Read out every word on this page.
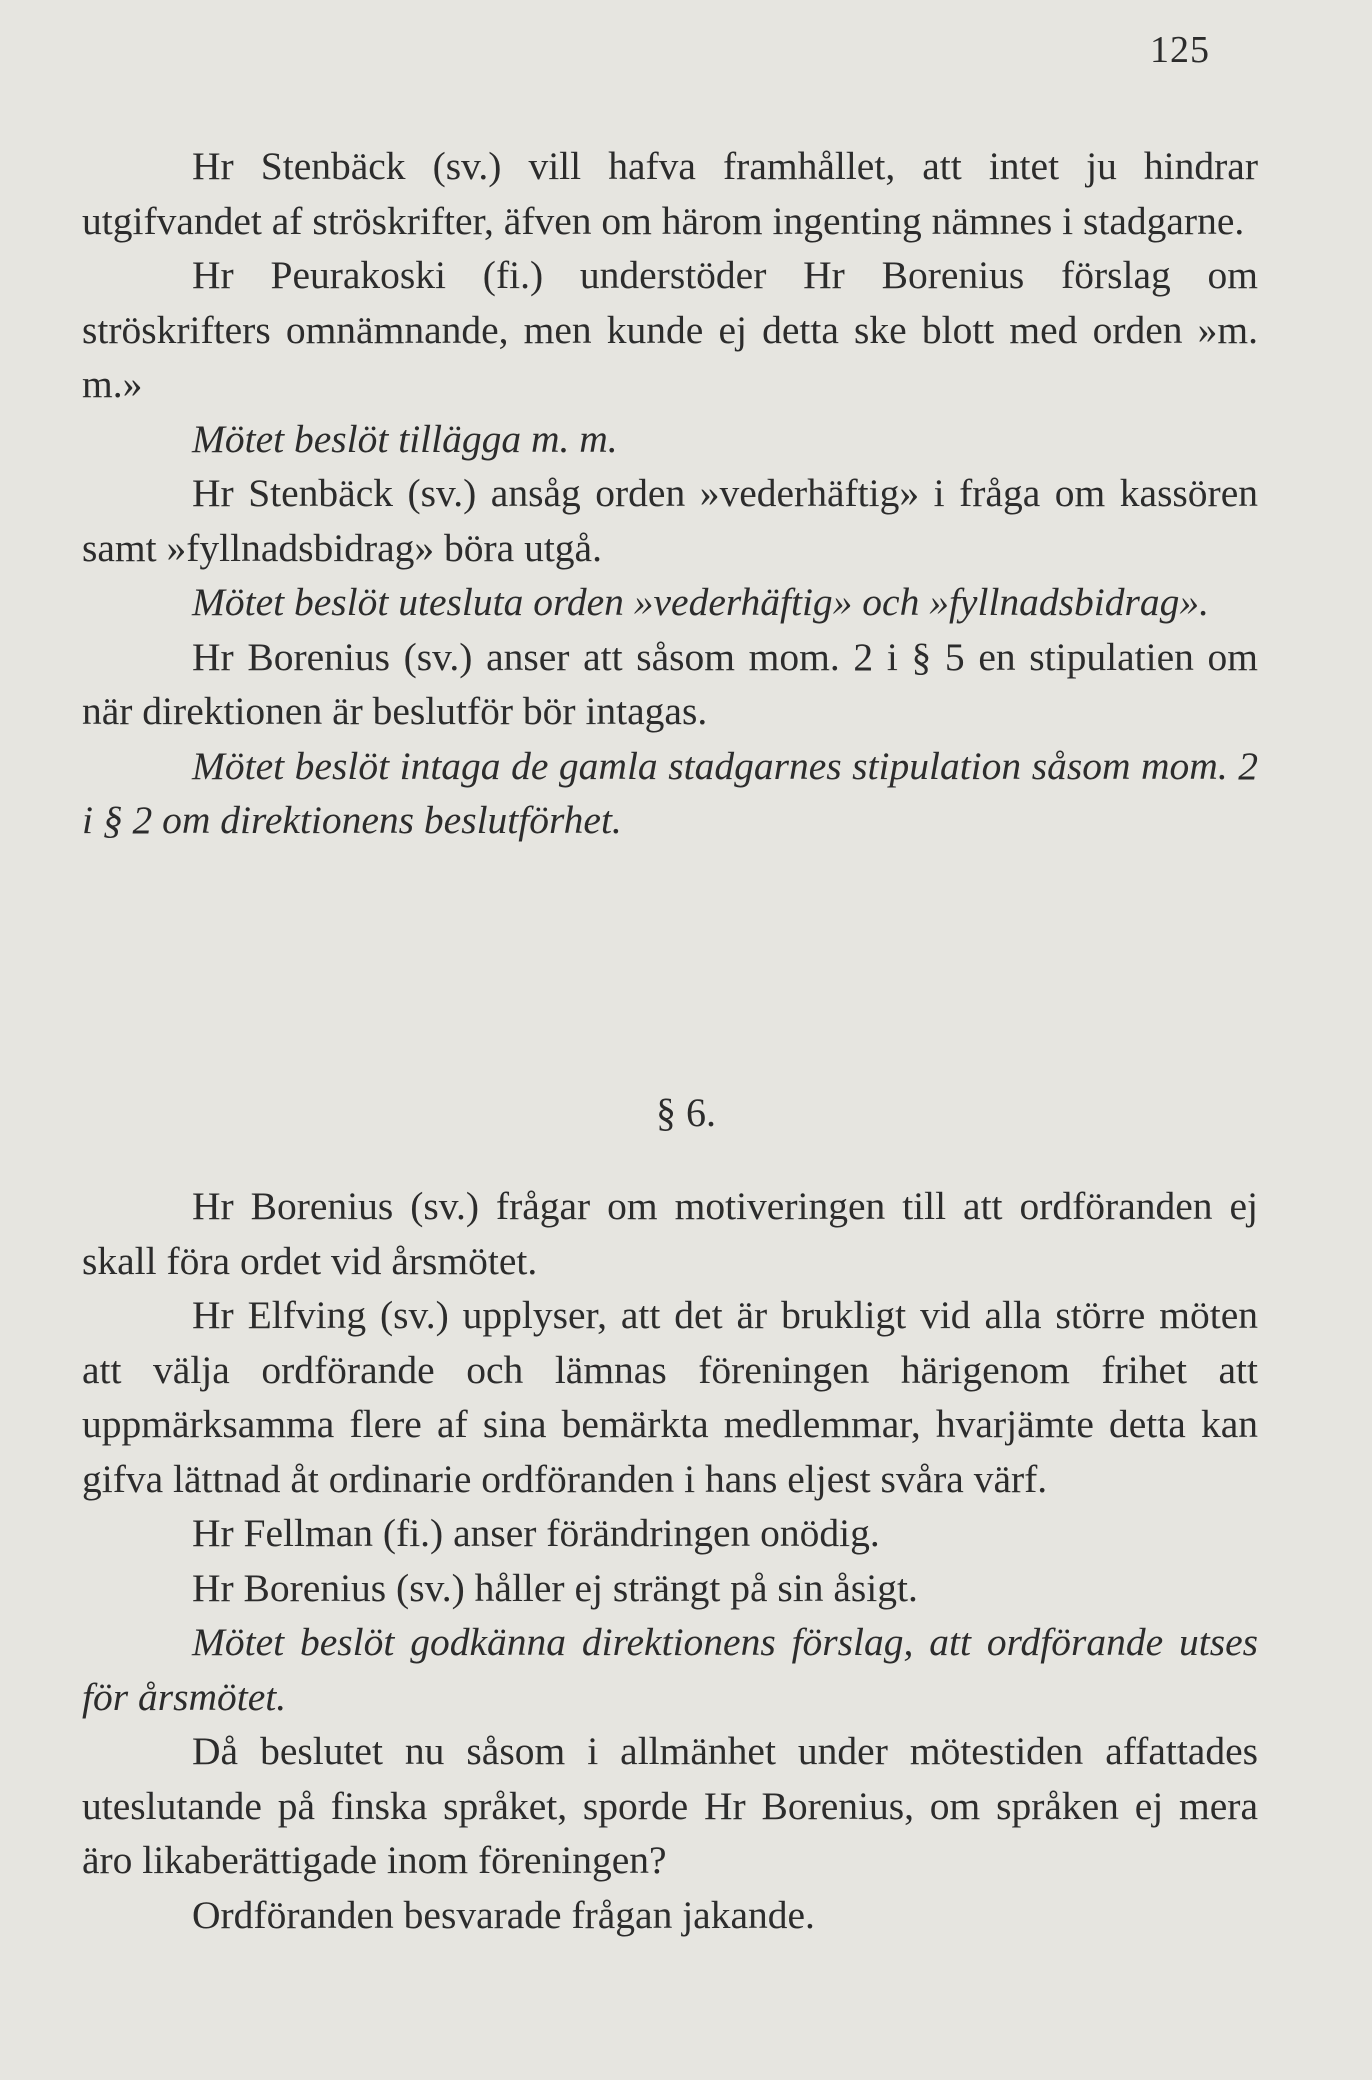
125

Hr Stenbäck (sv.) vill hafva framhållet, att intet ju hindrar utgifvandet af ströskrifter, äfven om härom ingenting nämnes i stadgarne.

Hr Peurakoski (fi.) understöder Hr Borenius förslag om ströskrifters omnämnande, men kunde ej detta ske blott med orden »m. m.»

Mötet beslöt tillägga m. m.

Hr Stenbäck (sv.) ansåg orden »vederhäftig» i fråga om kassören samt »fyllnadsbidrag» böra utgå.

Mötet beslöt utesluta orden »vederhäftig» och »fyllnadsbidrag».

Hr Borenius (sv.) anser att såsom mom. 2 i § 5 en stipulatien om när direktionen är beslutför bör intagas.

Mötet beslöt intaga de gamla stadgarnes stipulation såsom mom. 2 i § 2 om direktionens beslutförhet.

§ 6.

Hr Borenius (sv.) frågar om motiveringen till att ordföranden ej skall föra ordet vid årsmötet.

Hr Elfving (sv.) upplyser, att det är brukligt vid alla större möten att välja ordförande och lämnas föreningen härigenom frihet att uppmärksamma flere af sina bemärkta medlemmar, hvarjämte detta kan gifva lättnad åt ordinarie ordföranden i hans eljest svåra värf.

Hr Fellman (fi.) anser förändringen onödig.

Hr Borenius (sv.) håller ej strängt på sin åsigt.

Mötet beslöt godkänna direktionens förslag, att ordförande utses för årsmötet.

Då beslutet nu såsom i allmänhet under mötestiden affattades uteslutande på finska språket, sporde Hr Borenius, om språken ej mera äro likaberättigade inom föreningen?

Ordföranden besvarade frågan jakande.
